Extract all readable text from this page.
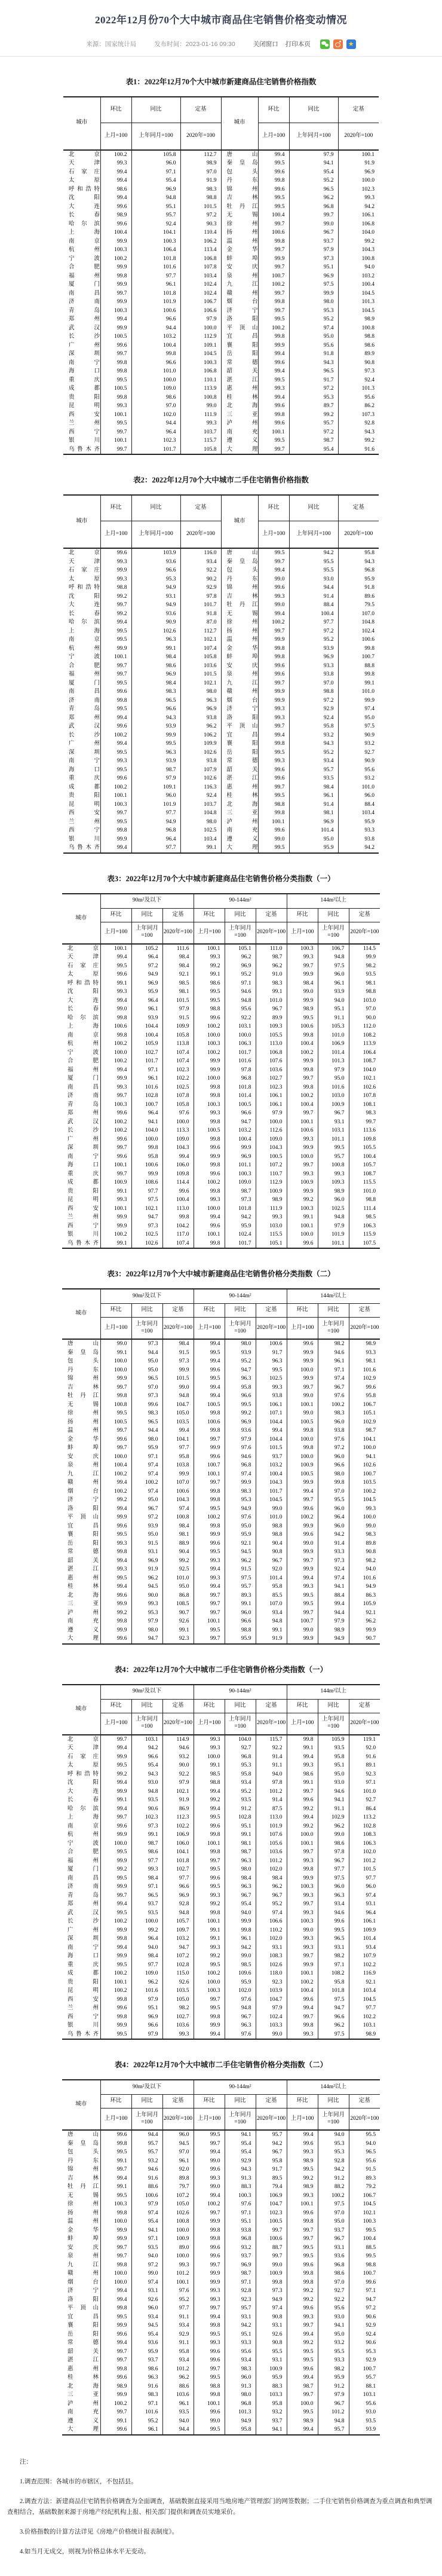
2022年12月份70个大中城市商品住宅销售价格变动情况
来源：国家统计局	发布时间：2023-01-16 09:30	关闭窗口 打印本页
★
表1：2022年12月70个大中城市新建商品住宅销售价格指数
城市	环比	同比	定基	城市	环比	同比	定基
	上月=100	上年同月=100	2020年=100		上月=100	上年同月=100	2020年=100
北京	100.2	105.8	112.7	唐山	99.4	97.9	100.1
天津	99.3	96.0	98.9	秦皇岛	99.5	94.1	91.9
石家庄	99.4	97.1	97.0	包头	99.6	95.4	96.9
太原	99.4	95.4	91.9	丹东	99.8	95.2	100.0
呼和浩特	98.6	96.9	98.3	锦州	99.6	96.5	102.3
沈阳	99.4	94.8	98.8	吉林	99.5	96.2	99.3
大连	99.6	95.1	101.5	牡丹江	99.5	96.8	94.2
长春	98.9	95.7	97.2	无锡	100.4	99.7	106.1
哈尔滨	99.6	92.4	90.3	徐州	99.7	99.0	106.8
上海	100.4	104.1	110.4	扬州	100.6	96.7	104.0
南京	99.9	100.3	106.2	温州	99.8	93.7	99.2
杭州	100.3	106.4	113.4	金华	99.7	97.9	104.3
宁波	100.2	101.8	106.8	蚌埠	99.9	97.3	100.8
合肥	99.9	101.6	107.8	安庆	99.7	95.1	94.0
福州	99.8	97.7	103.4	泉州	100.7	96.9	103.2
厦门	99.9	96.1	102.4	九江	100.2	97.5	100.4
南昌	99.7	101.8	102.4	赣州	99.7	99.9	104.5
济南	99.9	101.9	106.7	烟台	99.8	98.0	101.3
青岛	100.3	100.6	106.6	济宁	99.7	95.3	104.5
郑州	99.4	96.6	97.9	洛阳	99.5	95.2	98.9
武汉	99.9	94.4	100.0	平顶山	100.2	97.4	100.8
长沙	100.5	103.2	112.9	宜昌	99.8	95.0	98.8
广州	99.6	100.4	109.1	襄阳	99.9	95.6	98.6
深圳	99.7	99.8	104.5	岳阳	99.4	91.8	89.9
南宁	99.8	96.6	100.3	常德	99.6	94.3	90.8
海口	99.8	101.0	106.8	韶关	99.4	96.5	97.3
重庆	99.5	100.0	110.1	湛江	99.5	91.7	92.4
成都	100.5	109.0	113.9	惠州	99.3	97.2	101.3
贵阳	99.8	98.6	100.8	桂林	99.4	95.3	95.6
昆明	99.3	97.0	99.0	北海	99.6	89.7	86.2
西安	100.1	102.0	111.9	三亚	99.8	99.2	107.3
兰州	99.5	94.4	99.3	泸州	99.6	95.7	92.8
西宁	99.7	96.4	103.7	南充	100.1	97.2	94.3
银川	100.1	102.3	115.7	遵义	99.5	98.7	99.2
乌鲁木齐	99.7	101.7	105.8	大理	99.7	95.4	91.6
表2：2022年12月70个大中城市二手住宅销售价格指数
城市	环比	同比	定基	城市	环比	同比	定基
	上月=100	上年同月=100	2020年=100		上月=100	上年同月=100	2020年=100
北京	99.6	103.9	116.0	唐山	99.5	94.2	95.8
天津	99.3	93.6	93.4	秦皇岛	99.7	95.5	94.3
石家庄	99.9	96.6	92.2	包头	99.4	95.5	96.8
太原	99.3	95.3	90.2	丹东	99.0	93.0	95.9
呼和浩特	98.8	94.9	92.9	锦州	99.6	94.4	91.8
沈阳	99.2	93.1	97.8	吉林	99.3	91.4	89.6
大连	99.7	94.9	101.7	牡丹江	99.0	88.4	79.5
长春	99.2	93.6	91.8	无锡	99.4	100.4	107.0
哈尔滨	99.4	90.9	87.0	徐州	100.2	97.7	104.8
上海	99.5	102.6	112.7	扬州	99.7	97.2	102.4
南京	99.5	96.3	102.1	温州	99.9	95.2	100.6
杭州	99.9	99.1	107.4	金华	99.8	93.9	99.8
宁波	100.1	98.4	105.8	蚌埠	99.8	96.9	100.7
合肥	99.7	98.6	103.6	安庆	99.6	93.3	88.8
福州	99.7	96.9	101.5	泉州	99.6	93.8	99.8
厦门	99.5	98.4	102.1	九江	99.7	97.0	99.1
南昌	99.6	98.3	98.0	赣州	99.9	98.8	101.0
济南	99.8	96.5	96.3	烟台	99.9	97.2	99.9
青岛	99.5	96.6	96.9	济宁	99.3	92.9	97.4
郑州	99.4	94.3	93.8	洛阳	99.3	92.4	95.0
武汉	99.6	93.9	96.2	平顶山	99.7	95.8	97.5
长沙	100.2	99.9	106.2	宜昌	99.4	93.2	90.9
广州	99.4	99.5	109.9	襄阳	99.8	94.3	93.2
深圳	99.5	96.3	102.6	岳阳	99.5	95.2	92.7
南宁	99.3	93.9	93.8	常德	99.3	93.4	90.9
海口	99.5	98.7	107.9	韶关	99.6	95.7	95.6
重庆	99.6	97.9	102.6	湛江	99.6	93.5	93.2
成都	100.2	109.1	116.3	惠州	99.7	98.4	101.0
贵阳	100.1	96.0	92.4	桂林	99.5	96.1	96.0
昆明	100.3	101.9	103.7	北海	98.8	91.4	88.4
西安	99.7	97.7	104.8	三亚	99.8	98.1	103.4
兰州	99.5	94.9	98.0	泸州	100.1	96.9	95.9
西宁	99.8	96.8	102.5	南充	99.6	101.4	93.3
银川	99.9	96.4	103.4	遵义	99.0	95.0	93.8
乌鲁木齐	99.4	97.7	99.1	大理	99.5	95.9	94.2
表3：2022年12月70个大中城市新建商品住宅销售价格分类指数（一）
城市	90m²及以下			90-144m²			144m²以上		
	环比	同比	定基	环比	同比	定基	环比	同比	定基
	上月=100	上年同月=100	2020年=100	上月=100	上年同月=100	2020年=100	上月=100	上年同月=100	2020年=100
北京	100.1	105.2	111.6	100.1	105.1	111.0	100.3	106.7	114.5
天津	99.4	96.4	98.4	99.3	96.2	98.7	99.3	94.8	99.9
石家庄	99.5	97.2	98.4	99.2	96.9	96.2	99.7	97.5	98.2
太原	99.6	94.9	92.1	99.1	95.2	91.0	99.9	96.0	93.5
呼和浩特	99.1	96.9	98.5	98.6	97.1	98.3	98.4	96.1	98.1
沈阳	99.3	95.9	98.1	99.5	94.6	99.1	99.0	93.9	98.8
大连	99.4	96.4	101.5	99.5	94.8	101.0	99.9	94.0	103.0
长春	99.0	96.1	97.9	98.8	95.6	96.7	98.9	95.1	97.0
哈尔滨	99.8	93.9	91.5	99.6	92.2	89.9	99.5	91.1	90.0
上海	100.6	104.4	109.9	100.2	103.1	109.3	100.6	105.3	112.0
南京	99.8	100.4	105.8	100.0	100.0	105.5	99.8	101.0	108.2
杭州	100.2	105.9	113.8	100.3	106.3	113.0	100.4	106.9	113.9
宁波	100.0	102.7	107.4	100.2	101.7	106.8	100.2	101.4	106.4
合肥	100.2	101.7	107.4	99.9	101.6	107.6	99.9	101.3	108.7
福州	99.4	97.1	102.3	99.9	97.8	103.6	99.8	97.9	104.0
厦门	99.9	96.1	102.2	100.0	96.8	102.7	99.7	95.0	102.1
南昌	99.3	101.6	102.5	99.8	101.8	102.3	99.8	101.6	102.6
济南	99.7	102.8	107.8	99.8	101.4	106.1	100.2	103.0	107.8
青岛	100.3	100.7	105.8	100.3	100.5	106.1	100.4	100.9	108.1
郑州	99.6	96.4	97.6	99.3	96.6	97.9	99.7	96.7	98.3
武汉	100.2	94.1	100.0	99.8	94.7	100.0	100.1	93.1	99.7
长沙	100.2	104.0	113.3	100.5	103.2	112.6	100.6	103.1	113.6
广州	99.6	100.0	109.0	99.8	100.4	109.0	99.3	101.1	109.8
深圳	99.7	99.8	104.3	99.6	99.9	104.3	99.9	99.5	105.5
南宁	99.6	95.8	99.4	99.9	96.9	100.5	100.0	95.7	100.4
海口	100.1	100.6	106.0	99.8	101.1	107.2	99.7	100.8	105.7
重庆	99.7	99.9	109.8	99.6	100.3	110.7	99.3	99.3	108.7
成都	100.9	108.6	114.4	100.2	109.0	112.9	100.9	109.3	115.5
贵阳	99.1	97.7	99.6	99.8	98.7	100.9	99.9	98.9	101.0
昆明	99.3	97.5	100.4	99.3	97.3	98.9	99.2	96.0	98.8
西安	100.1	102.1	113.0	100.0	101.8	111.9	100.3	102.5	111.4
兰州	99.9	94.7	99.8	99.4	94.2	99.3	99.1	94.8	98.5
西宁	99.9	97.3	104.2	99.6	95.9	103.0	100.1	97.9	106.3
银川	100.2	102.5	117.0	100.1	102.4	115.5	100.0	101.9	115.9
乌鲁木齐	99.1	102.6	107.4	99.8	101.7	105.1	99.6	101.1	107.5
表3：2022年12月70个大中城市新建商品住宅销售价格分类指数（二）
城市	90m²及以下			90-144m²			144m²以上		
	环比	同比	定基	环比	同比	定基	环比	同比	定基
	上月=100	上年同月=100	2020年=100	上月=100	上年同月=100	2020年=100	上月=100	上年同月=100	2020年=100
唐山	99.0	97.3	98.4	99.4	98.0	100.6	99.6	98.2	98.9
秦皇岛	99.1	94.4	91.5	99.5	93.9	91.7	99.9	94.6	93.3
包头	100.0	95.0	97.3	99.4	95.2	96.3	99.9	96.1	98.1
丹东	100.0	95.0	99.9	99.6	94.7	99.5	100.0	97.1	101.6
锦州	99.9	96.5	101.5	99.5	96.3	102.5	99.9	97.4	102.9
吉林	99.7	97.0	99.0	99.4	95.8	99.3	99.7	96.7	99.6
牡丹江	99.8	97.3	94.8	99.4	96.6	93.8	99.0	97.6	95.8
无锡	100.8	99.6	104.7	100.5	99.5	106.1	100.1	100.2	106.7
徐州	99.5	98.3	105.0	99.8	99.2	107.1	99.0	98.3	105.1
扬州	100.5	96.5	103.5	100.6	96.9	104.4	100.5	96.0	102.9
温州	99.7	94.4	99.4	99.8	93.6	99.4	99.8	93.8	98.7
金华	99.6	98.0	104.1	99.7	97.9	104.4	100.0	97.6	104.1
蚌埠	99.7	95.9	97.7	99.9	97.6	101.5	99.8	97.2	100.0
安庆	100.0	97.1	95.8	99.6	94.6	93.7	100.0	96.0	94.1
泉州	100.4	97.4	103.8	100.7	96.8	103.2	100.9	96.6	102.6
九江	100.2	97.4	99.9	100.1	97.4	100.4	100.5	98.0	100.7
赣州	99.4	100.2	107.0	99.7	99.9	104.3	99.9	99.8	103.5
烟台	100.2	97.4	100.6	99.8	98.3	101.7	99.4	97.0	100.2
济宁	99.2	95.0	104.3	99.8	95.3	104.5	99.7	95.5	104.5
洛阳	99.4	96.7	97.4	99.5	94.9	99.0	99.6	96.0	99.3
平顶山	99.9	97.2	100.8	100.2	97.6	101.0	100.2	96.4	100.0
宜昌	99.6	93.9	98.4	99.8	95.0	98.8	99.9	96.0	99.0
襄阳	99.5	95.0	98.1	99.9	95.9	98.8	99.6	94.2	98.3
岳阳	99.3	91.5	88.9	99.6	92.1	90.4	99.0	91.4	89.8
常德	99.8	93.1	90.4	99.5	94.5	90.8	99.9	93.3	90.8
韶关	99.4	96.9	99.2	99.3	96.2	96.7	99.7	97.3	98.2
湛江	99.3	91.9	92.5	99.4	91.5	92.0	99.9	92.4	94.0
惠州	99.5	96.2	101.0	99.3	97.5	101.4	99.4	97.4	101.6
桂林	99.4	94.5	95.0	99.4	95.7	95.8	99.3	94.1	94.9
北海	99.6	90.0	86.8	99.7	89.3	85.5	99.5	88.4	86.3
三亚	99.9	99.3	108.5	99.7	99.1	107.0	99.5	99.4	105.9
泸州	99.2	95.3	90.7	99.7	96.0	93.4	99.7	94.4	92.1
南充	99.8	97.9	92.6	100.1	96.6	94.8	100.7	97.9	96.2
遵义	99.9	98.0	99.1	99.5	98.8	99.1	99.0	98.9	99.9
大理	99.6	94.7	92.3	99.7	95.9	91.9	99.9	94.9	90.7
表4：2022年12月70个大中城市二手住宅销售价格分类指数（一）
城市	90m²及以下			90-144m²			144m²以上		
	环比	同比	定基	环比	同比	定基	环比	同比	定基
	上月=100	上年同月=100	2020年=100	上月=100	上年同月=100	2020年=100	上月=100	上年同月=100	2020年=100
北京	99.7	103.1	114.9	99.3	104.0	115.7	99.8	105.9	119.1
天津	99.4	94.2	94.6	99.3	92.7	92.2	99.1	93.5	92.0
石家庄	99.9	96.6	93.2	100.0	96.8	91.4	99.4	95.8	91.6
太原	99.5	95.4	90.0	99.1	95.3	91.1	99.3	95.1	89.1
呼和浩特	99.2	94.3	92.2	98.5	95.8	94.0	98.6	95.0	92.3
沈阳	99.4	93.0	97.9	98.8	93.4	97.8	99.1	93.0	97.1
大连	99.9	94.8	102.1	99.4	95.2	101.2	99.7	94.6	101.0
长春	99.1	93.5	91.9	99.2	93.5	91.4	99.6	94.1	92.7
哈尔滨	99.4	90.6	86.9	99.4	91.2	87.5	99.2	91.1	86.4
上海	99.7	102.3	112.3	99.5	102.8	113.0	99.4	102.9	113.2
南京	99.6	97.3	102.2	99.6	95.1	101.9	99.2	96.2	102.8
杭州	99.9	99.1	106.9	99.8	99.1	107.6	100.0	99.0	108.3
宁波	100.0	98.7	106.0	100.1	98.1	105.6	100.1	98.6	106.3
合肥	99.5	98.6	104.1	99.8	98.7	103.6	99.7	97.8	102.0
福州	99.9	97.7	101.8	99.7	96.3	101.2	99.3	96.7	101.2
厦门	99.2	99.3	102.7	99.5	98.0	102.0	99.8	97.7	101.5
南昌	99.5	98.4	97.7	99.6	98.4	98.4	99.9	97.5	97.7
济南	99.9	97.1	96.6	99.5	96.3	96.2	100.3	96.0	96.0
青岛	99.7	96.5	96.9	99.3	96.7	96.7	99.3	96.3	97.4
郑州	99.4	93.7	92.8	99.2	95.4	95.2	99.7	93.4	93.1
武汉	99.5	93.5	94.8	99.8	94.0	97.4	99.3	94.6	96.4
长沙	100.2	100.0	105.7	100.1	99.9	106.6	100.3	99.6	106.1
广州	99.9	99.2	109.7	99.1	99.8	110.2	99.0	99.5	109.9
深圳	99.8	96.4	103.2	99.1	96.1	102.0	99.3	96.5	101.4
南宁	99.4	94.0	94.7	99.3	94.2	93.1	99.3	93.1	93.4
海口	99.9	98.4	107.2	99.2	99.0	108.3	99.7	98.2	107.9
重庆	99.5	97.7	102.8	99.5	98.5	102.6	99.9	97.1	102.2
成都	100.2	109.0	115.0	100.2	109.6	118.0	100.1	108.2	116.9
贵阳	100.1	96.2	92.6	100.0	95.9	92.3	100.2	95.8	92.1
昆明	100.2	101.6	103.5	100.3	102.0	103.9	100.4	101.8	103.4
西安	99.8	97.9	105.0	99.7	97.6	104.7	99.6	97.5	104.5
兰州	99.6	95.1	98.2	99.5	94.8	97.9	99.4	94.7	97.7
西宁	99.8	96.9	102.7	99.8	96.7	102.4	99.7	96.6	102.2
银川	99.9	96.6	103.6	99.9	96.3	103.3	99.8	96.2	103.1
乌鲁木齐	99.5	97.9	99.3	99.4	97.6	99.0	99.3	97.5	98.9
表4：2022年12月70个大中城市二手住宅销售价格分类指数（二）
城市	90m²及以下			90-144m²			144m²以上		
	环比	同比	定基	环比	同比	定基	环比	同比	定基
	上月=100	上年同月=100	2020年=100	上月=100	上年同月=100	2020年=100	上月=100	上年同月=100	2020年=100
唐山	99.6	94.4	96.0	99.5	94.1	95.7	99.4	94.0	95.5
秦皇岛	99.8	95.7	94.5	99.7	95.4	94.2	99.6	95.3	94.0
包头	99.5	95.7	97.0	99.4	95.4	96.7	99.3	95.3	96.5
丹东	99.1	93.2	96.1	99.0	92.9	95.8	98.9	92.8	95.6
锦州	99.7	94.6	92.0	99.6	94.3	91.7	99.5	94.2	91.5
吉林	99.4	91.6	89.8	99.3	91.3	89.5	99.2	91.2	89.3
牡丹江	99.1	88.6	79.7	99.0	88.3	79.4	98.9	88.2	79.2
无锡	99.5	100.6	107.2	99.4	100.3	106.9	99.3	100.2	106.7
徐州	100.3	97.9	105.0	100.2	97.6	104.7	100.1	97.5	104.5
扬州	99.8	97.4	102.6	99.7	97.1	102.3	99.6	97.0	102.1
温州	100.0	95.4	100.8	99.9	95.1	100.5	99.8	95.0	100.3
金华	99.9	94.1	100.0	99.8	93.8	99.7	99.7	93.7	99.5
蚌埠	99.9	97.1	100.9	99.8	96.8	100.6	99.7	96.7	100.4
安庆	99.7	93.5	89.0	99.6	93.2	88.7	99.5	93.1	88.5
泉州	99.7	94.0	100.0	99.6	93.7	99.7	99.5	93.6	99.5
九江	99.8	97.2	99.3	99.7	96.9	99.0	99.6	96.8	98.8
赣州	100.0	99.0	101.2	99.9	98.7	100.9	99.8	98.6	100.7
烟台	100.0	97.4	100.1	99.9	97.1	99.8	99.8	97.0	99.6
济宁	99.4	93.1	97.6	99.3	92.8	97.3	99.2	92.7	97.1
洛阳	99.4	92.6	95.2	99.3	92.3	94.9	99.2	92.2	94.7
平顶山	99.8	96.0	97.7	99.7	95.7	97.4	99.6	95.6	97.2
宜昌	99.5	93.4	91.1	99.4	93.1	90.8	99.3	93.0	90.6
襄阳	99.9	94.5	93.4	99.8	94.2	93.1	99.7	94.1	92.9
岳阳	99.6	95.4	92.9	99.5	95.1	92.6	99.4	95.0	92.4
常德	99.4	93.6	91.1	99.3	93.3	90.8	99.2	93.2	90.6
韶关	99.7	95.9	95.8	99.6	95.6	95.5	99.5	95.5	95.3
湛江	99.7	93.7	93.4	99.6	93.4	93.1	99.5	93.3	92.9
惠州	99.8	98.6	101.2	99.7	98.3	100.9	99.6	98.2	100.7
桂林	99.6	96.3	96.2	99.5	96.0	95.9	99.4	95.9	95.7
北海	98.9	91.6	88.6	98.8	91.3	88.3	98.7	91.2	88.1
三亚	99.9	98.3	103.6	99.8	98.0	103.3	99.7	97.9	103.1
泸州	100.2	97.1	96.1	100.1	96.8	95.8	100.0	96.7	95.6
南充	99.7	101.6	93.5	99.6	101.3	93.2	99.5	101.2	93.0
遵义	99.1	95.2	94.0	99.0	94.9	93.7	98.9	94.8	93.5
大理	99.6	96.1	94.4	99.5	95.8	94.1	99.4	95.7	93.9

注：

1.调查范围：各城市的市辖区，不包括县。

2.调查方法：新建商品住宅销售价格调查为全面调查，基础数据直接采用当地房地产管理部门的网签数据；二手住宅销售价格调查为重点调查和典型调查相结合，基础数据来源于房地产经纪机构上报、相关部门提供和调查员实地采价。

3.价格指数的计算方法详见《房地产价格统计报表制度》。

4.如当月无成交，则视为价格总体水平无变动。
